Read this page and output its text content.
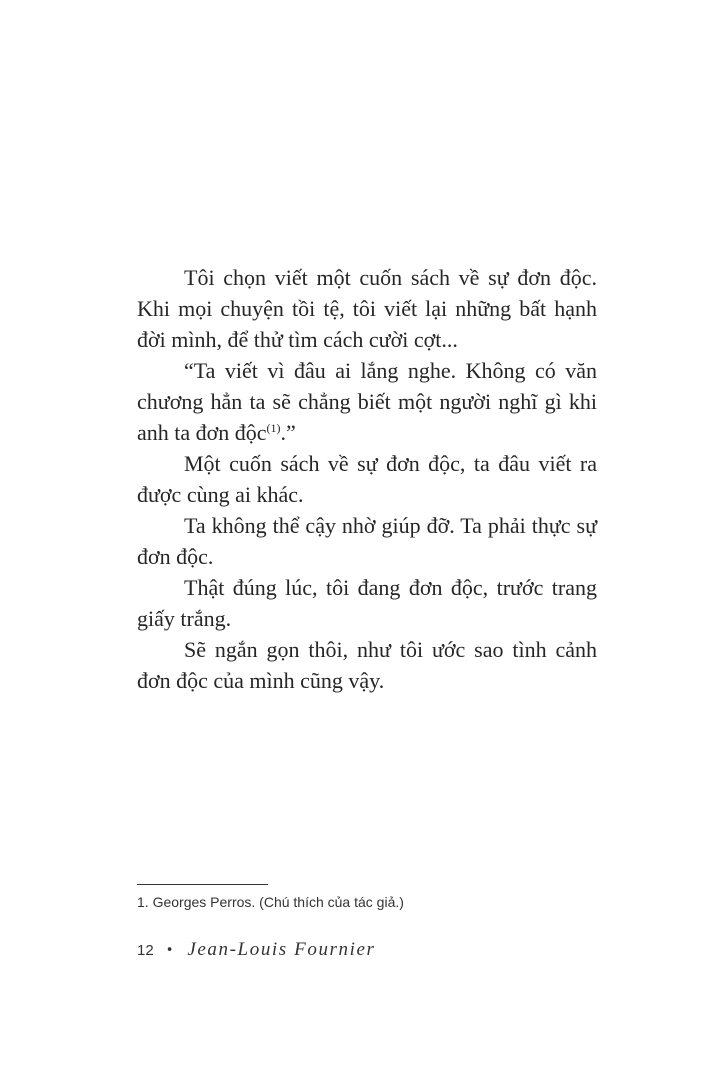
Tôi chọn viết một cuốn sách về sự đơn độc. Khi mọi chuyện tồi tệ, tôi viết lại những bất hạnh đời mình, để thử tìm cách cười cợt...

“Ta viết vì đâu ai lắng nghe. Không có văn chương hẳn ta sẽ chẳng biết một người nghĩ gì khi anh ta đơn độc$^{(1)}$.”

Một cuốn sách về sự đơn độc, ta đâu viết ra được cùng ai khác.

Ta không thể cậy nhờ giúp đỡ. Ta phải thực sự đơn độc.

Thật đúng lúc, tôi đang đơn độc, trước trang giấy trắng.

Sẽ ngắn gọn thôi, như tôi ước sao tình cảnh đơn độc của mình cũng vậy.

1. Georges Perros. (Chú thích của tác giả.)
12 • Jean-Louis Fournier
